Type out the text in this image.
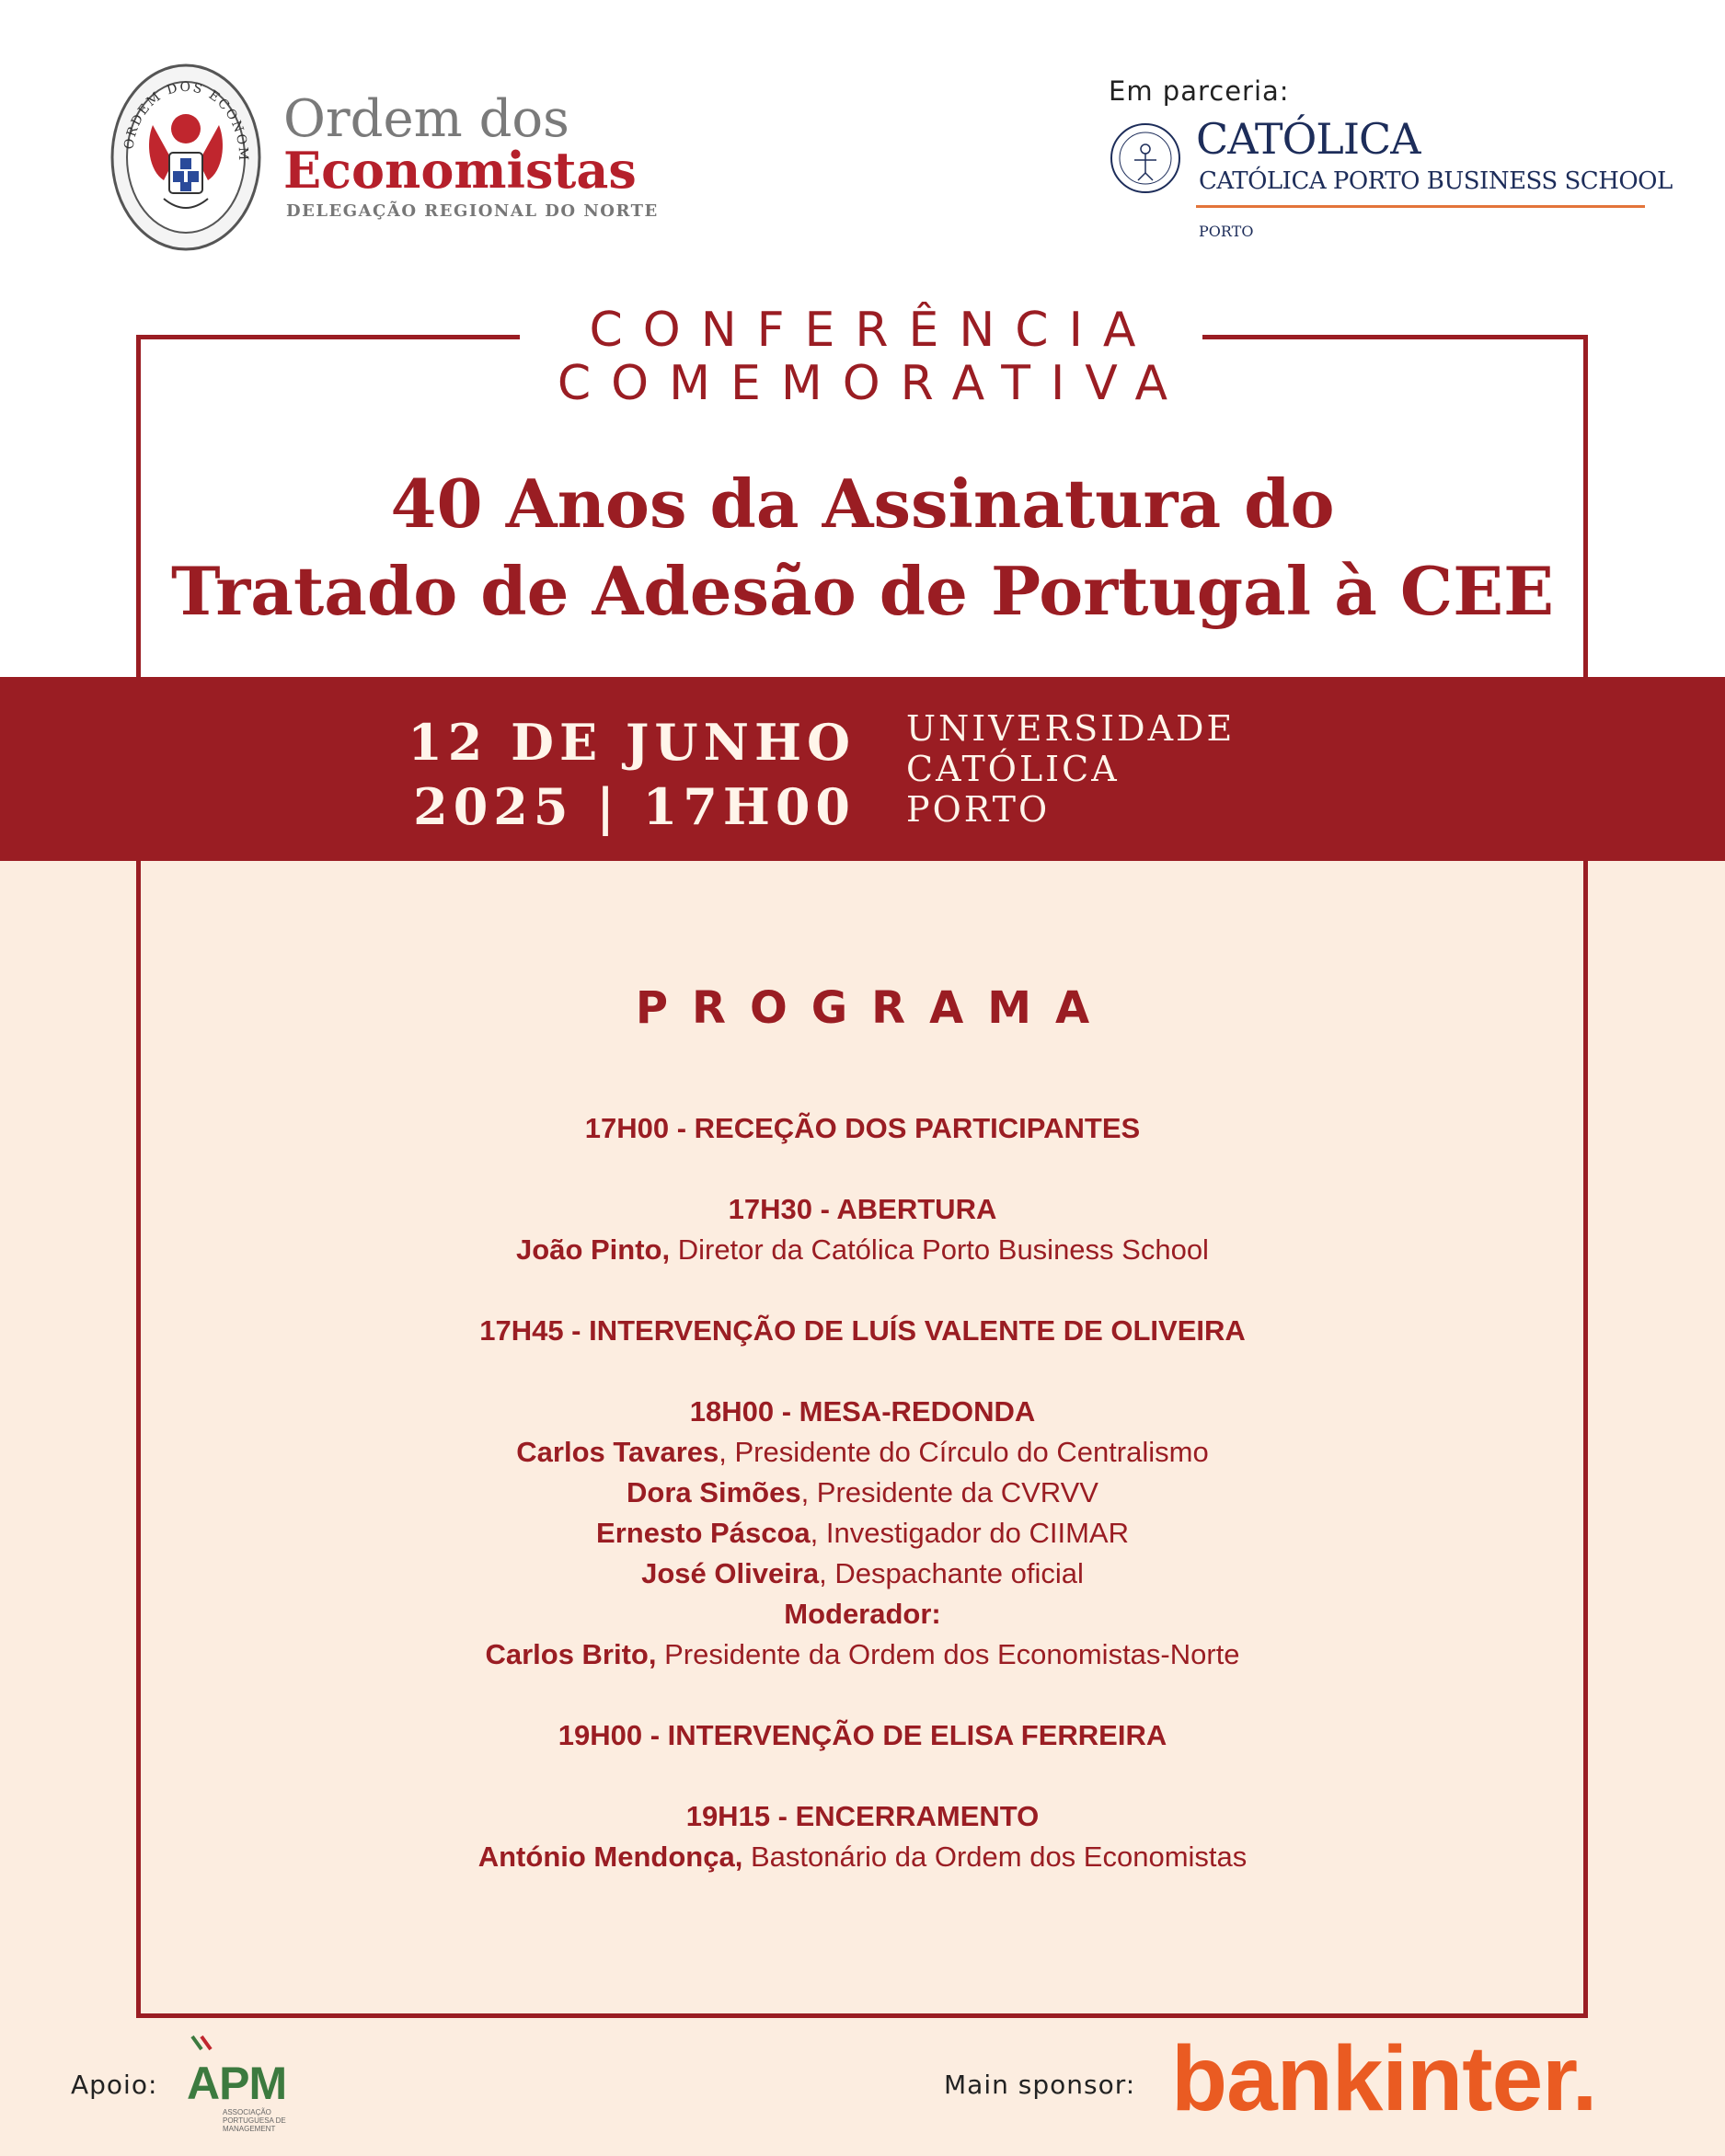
ORDEM DOS ECONOM
Ordem dos
Economistas
DELEGAÇÃO REGIONAL DO NORTE
Em parceria:
CATÓLICA
CATÓLICA PORTO BUSINESS SCHOOL
PORTO
CONFERÊNCIA
COMEMORATIVA
40 Anos da Assinatura do
Tratado de Adesão de Portugal à CEE
12 DE JUNHO
2025 | 17H00
UNIVERSIDADE
CATÓLICA
PORTO
PROGRAMA
17H00 - RECEÇÃO DOS PARTICIPANTES
17H30 - ABERTURA
João Pinto, Diretor da Católica Porto Business School
17H45 - INTERVENÇÃO DE LUÍS VALENTE DE OLIVEIRA
18H00 - MESA-REDONDA
Carlos Tavares, Presidente do Círculo do Centralismo
Dora Simões, Presidente da CVRVV
Ernesto Páscoa, Investigador do CIIMAR
José Oliveira, Despachante oficial
Moderador:
Carlos Brito, Presidente da Ordem dos Economistas-Norte
19H00 - INTERVENÇÃO DE ELISA FERREIRA
19H15 - ENCERRAMENTO
António Mendonça, Bastonário da Ordem dos Economistas
Apoio: APM
ASSOCIAÇÃO PORTUGUESA DE MANAGEMENT
Main sponsor: bankinter.
